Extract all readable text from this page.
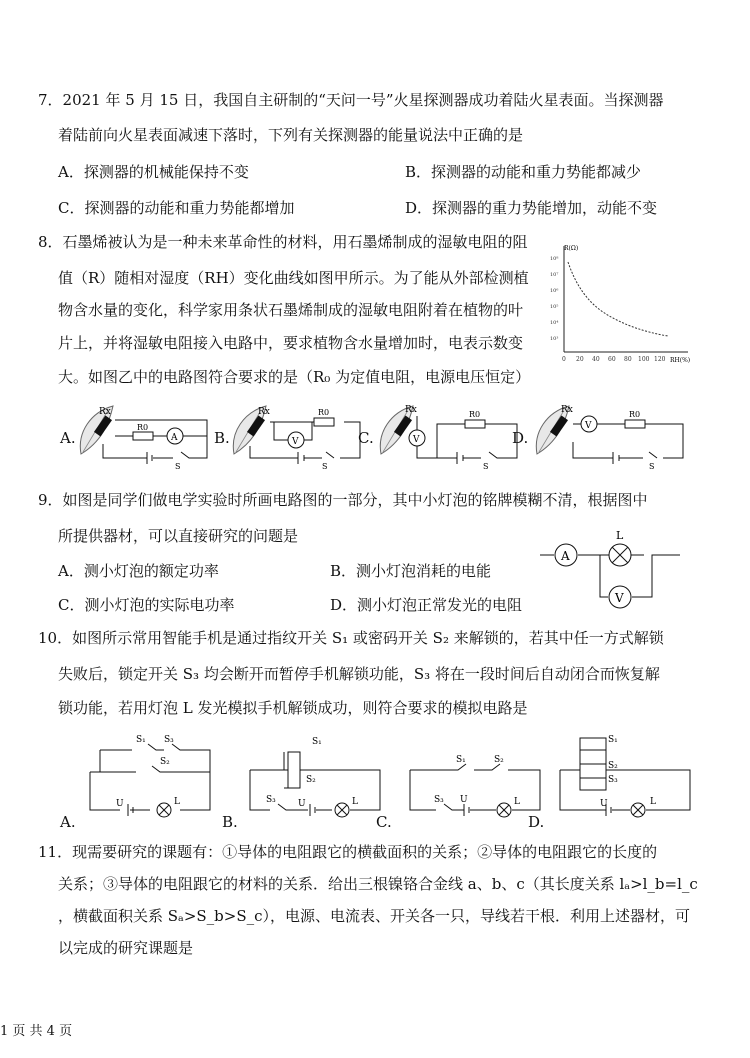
7．2021 年 5 月 15 日，我国自主研制的“天问一号”火星探测器成功着陆火星表面。当探测器
着陆前向火星表面减速下落时，下列有关探测器的能量说法中正确的是
A．探测器的机械能保持不变	B．探测器的动能和重力势能都减少
C．探测器的动能和重力势能都增加	D．探测器的重力势能增加，动能不变
8．石墨烯被认为是一种未来革命性的材料，用石墨烯制成的湿敏电阻的阻
值（R）随相对湿度（RH）变化曲线如图甲所示。为了能从外部检测植
物含水量的变化，科学家用条状石墨烯制成的湿敏电阻附着在植物的叶
片上，并将湿敏电阻接入电路中，要求植物含水量增加时，电表示数变
大。如图乙中的电路图符合要求的是（R₀ 为定值电阻，电源电压恒定）
R(Ω)
RH(%)
10⁸
10⁷
10⁶
10⁵
10⁴
10³
0 20 40 60 80 100 120
Rx
R0
A
S
Rx	R0
V
S
Rx	R0
V
S
Rx
V
R0
S
A.	B.	C.	D.
9．如图是同学们做电学实验时所画电路图的一部分，其中小灯泡的铭牌模糊不清，根据图中
所提供器材，可以直接研究的问题是
A．测小灯泡的额定功率	B．测小灯泡消耗的电能
C．测小灯泡的实际电功率	D．测小灯泡正常发光的电阻
A
L
V
10．如图所示常用智能手机是通过指纹开关 S₁ 或密码开关 S₂ 来解锁的，若其中任一方式解锁
失败后，锁定开关 S₃ 均会断开而暂停手机解锁功能，S₃ 将在一段时间后自动闭合而恢复解
锁功能，若用灯泡 L 发光模拟手机解锁成功，则符合要求的模拟电路是
S₁ S₃
S₂
U	L
S₁
S₂
S₃ U	L
S₁	S₂
S₃ U	L
S₁
S₂
S₃
U	L
A.	B.	C.	D.
11．现需要研究的课题有：①导体的电阻跟它的横截面积的关系；②导体的电阻跟它的长度的
关系；③导体的电阻跟它的材料的关系．给出三根镍铬合金线 a、b、c（其长度关系 lₐ>l_b=l_c
，横截面积关系 Sₐ>S_b>S_c），电源、电流表、开关各一只，导线若干根．利用上述器材，可
以完成的研究课题是
1 页 共 4 页
